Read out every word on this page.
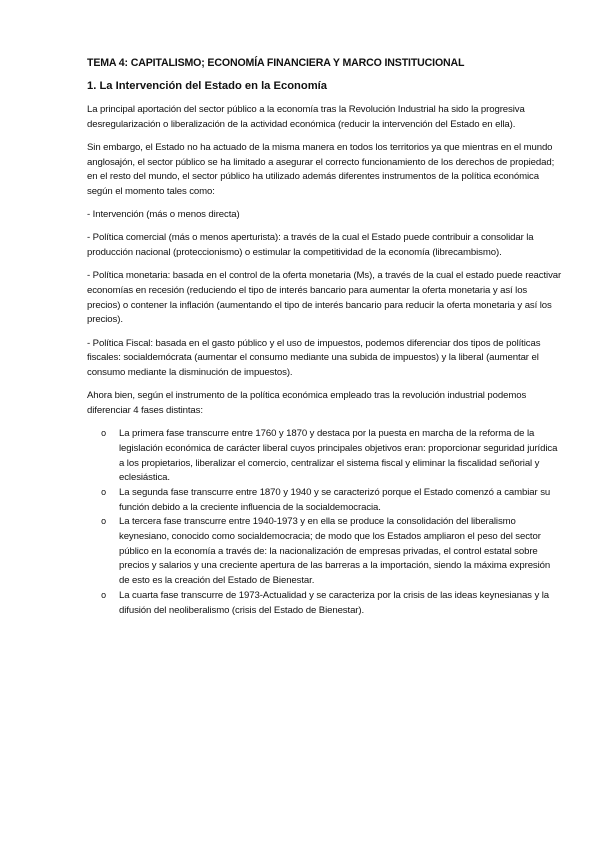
TEMA 4: CAPITALISMO; ECONOMÍA FINANCIERA Y MARCO INSTITUCIONAL
1. La Intervención del Estado en la Economía

La principal aportación del sector público a la economía tras la Revolución Industrial ha sido la progresiva desregularización o liberalización de la actividad económica (reducir la intervención del Estado en ella).

Sin embargo, el Estado no ha actuado de la misma manera en todos los territorios ya que mientras en el mundo anglosajón, el sector público se ha limitado a asegurar el correcto funcionamiento de los derechos de propiedad; en el resto del mundo, el sector público ha utilizado además diferentes instrumentos de la política económica según el momento tales como:

- Intervención (más o menos directa)

- Política comercial (más o menos aperturista): a través de la cual el Estado puede contribuir a consolidar la producción nacional (proteccionismo) o estimular la competitividad de la economía (librecambismo).

- Política monetaria: basada en el control de la oferta monetaria (Ms), a través de la cual el estado puede reactivar economías en recesión (reduciendo el tipo de interés bancario para aumentar la oferta monetaria y así los precios) o contener la inflación (aumentando el tipo de interés bancario para reducir la oferta monetaria y así los precios).

- Política Fiscal: basada en el gasto público y el uso de impuestos, podemos diferenciar dos tipos de políticas fiscales: socialdemócrata (aumentar el consumo mediante una subida de impuestos) y la liberal (aumentar el consumo mediante la disminución de impuestos).

Ahora bien, según el instrumento de la política económica empleado tras la revolución industrial podemos diferenciar 4 fases distintas:

o La primera fase transcurre entre 1760 y 1870 y destaca por la puesta en marcha de la reforma de la legislación económica de carácter liberal cuyos principales objetivos eran: proporcionar seguridad jurídica a los propietarios, liberalizar el comercio, centralizar el sistema fiscal y eliminar la fiscalidad señorial y eclesiástica.
o La segunda fase transcurre entre 1870 y 1940 y se caracterizó porque el Estado comenzó a cambiar su función debido a la creciente influencia de la socialdemocracia.
o La tercera fase transcurre entre 1940-1973 y en ella se produce la consolidación del liberalismo keynesiano, conocido como socialdemocracia; de modo que los Estados ampliaron el peso del sector público en la economía a través de: la nacionalización de empresas privadas, el control estatal sobre precios y salarios y una creciente apertura de las barreras a la importación, siendo la máxima expresión de esto es la creación del Estado de Bienestar.
o La cuarta fase transcurre de 1973-Actualidad y se caracteriza por la crisis de las ideas keynesianas y la difusión del neoliberalismo (crisis del Estado de Bienestar).
